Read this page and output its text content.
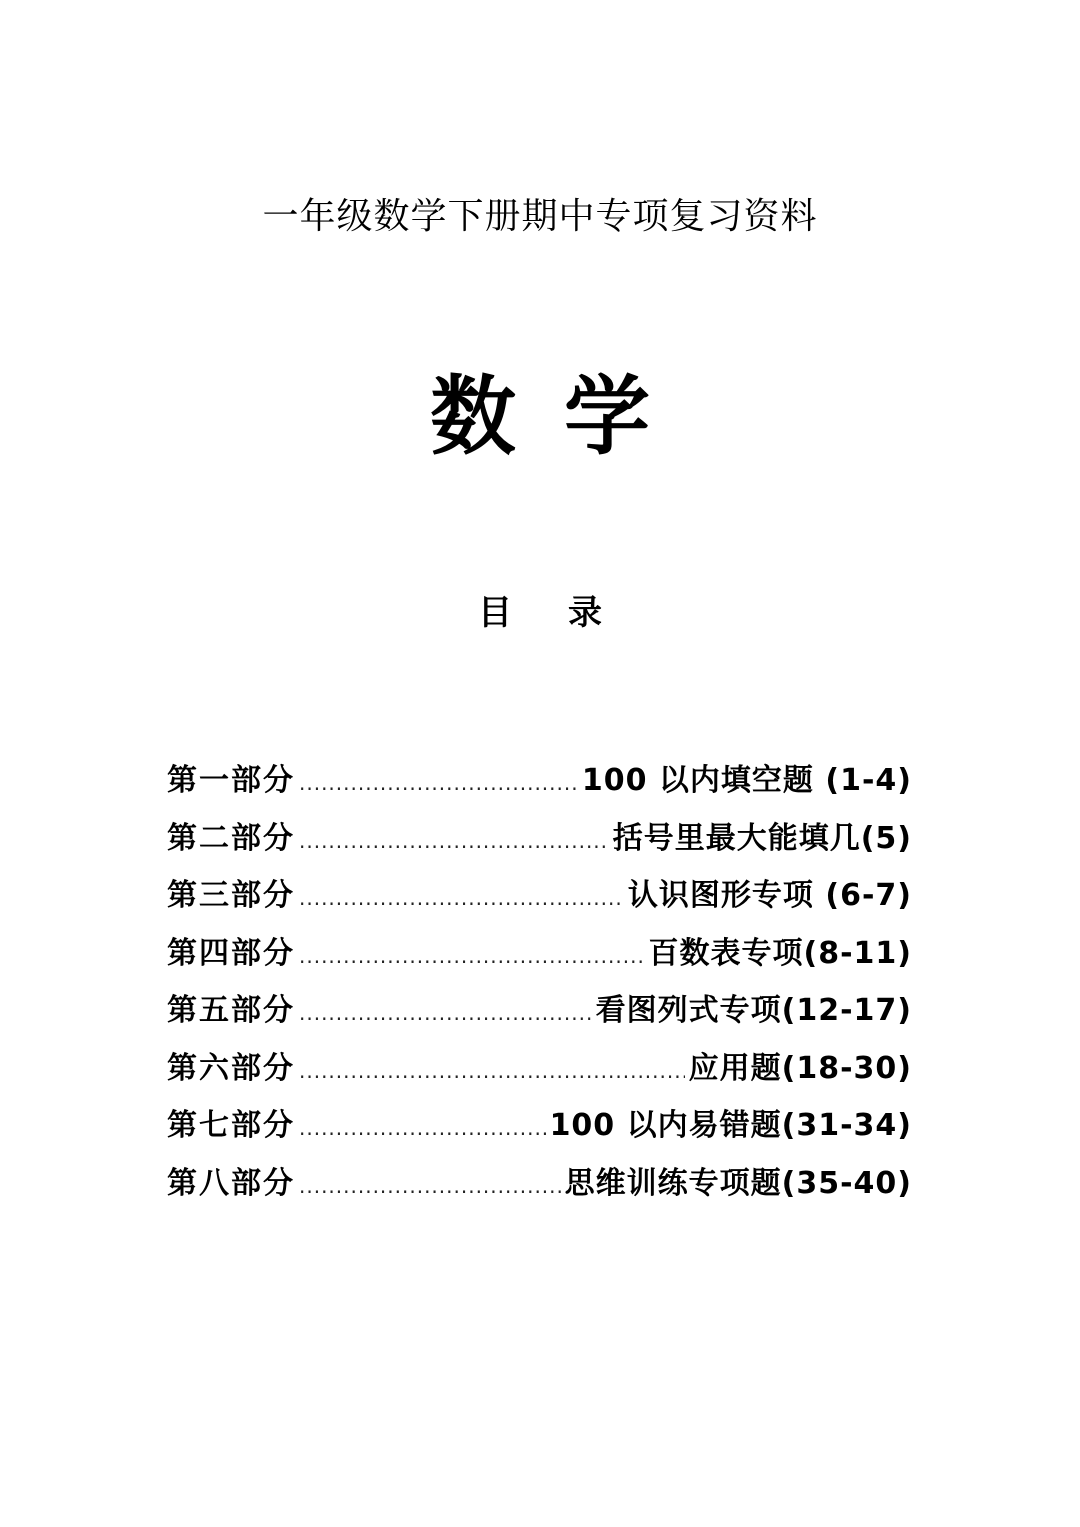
一年级数学下册期中专项复习资料
数 学
目 录
第一部分 .....	100 以内填空题 (1-4)
第二部分 .....	括号里最大能填几(5)
第三部分 .....	认识图形专项 (6-7)
第四部分 .....	百数表专项(8-11)
第五部分 .....	看图列式专项(12-17)
第六部分 .....	应用题(18-30)
第七部分 .....	100 以内易错题(31-34)
第八部分 .....	思维训练专项题(35-40)
